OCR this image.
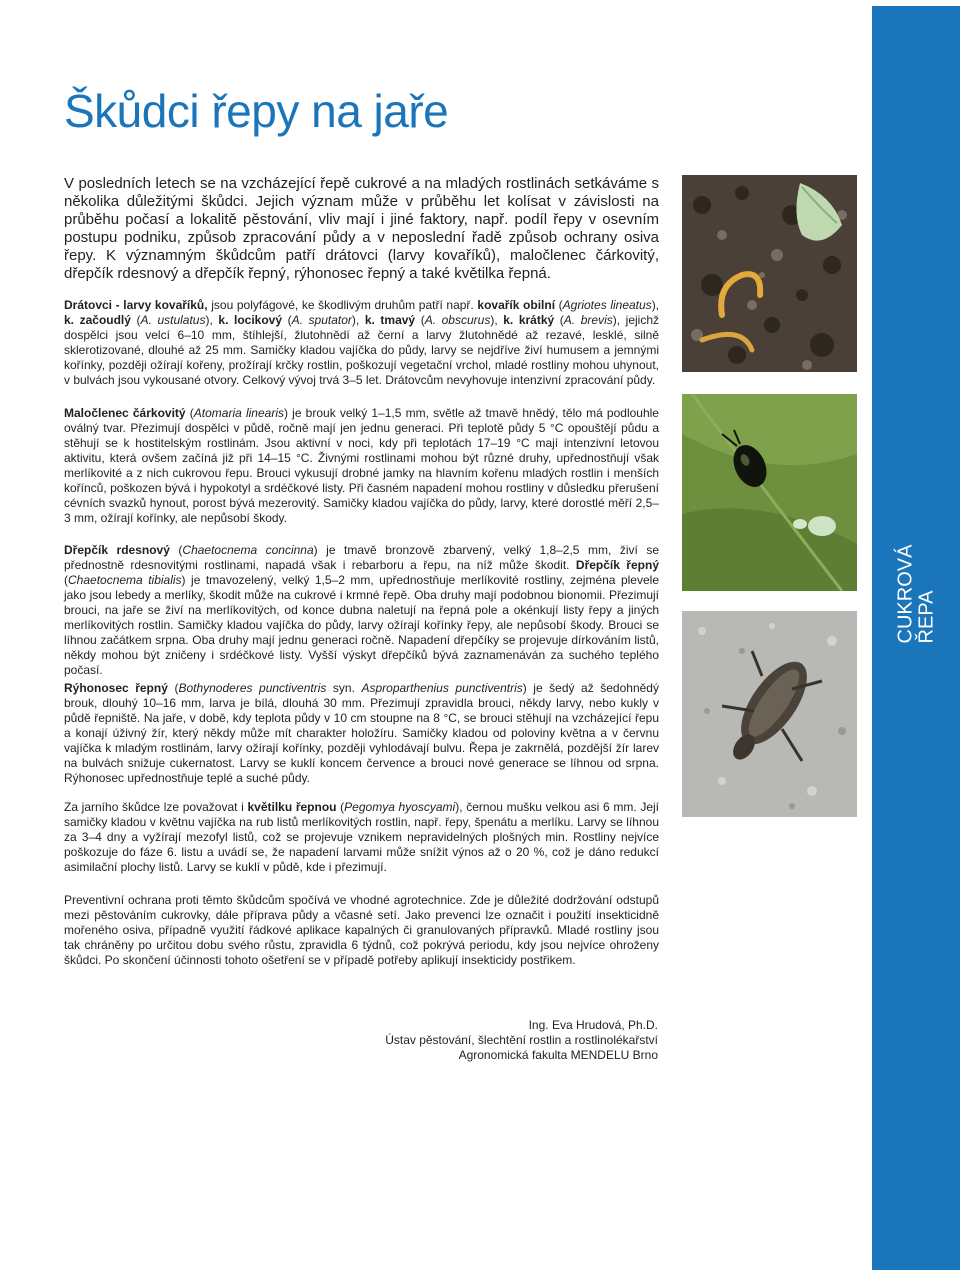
CUKROVÁ ŘEPA
syngenta. 157
Škůdci řepy na jaře

V posledních letech se na vzcházející řepě cukrové a na mladých rostlinách setkáváme s několika důležitými škůdci. Jejich význam může v průběhu let kolísat v závislosti na průběhu počasí a lokalitě pěstování, vliv mají i jiné faktory, např. podíl řepy v osevním postupu podniku, způsob zpracování půdy a v neposlední řadě způsob ochrany osiva řepy. K významným škůdcům patří drátovci (larvy kovaříků), maločlenec čárkovitý, dřepčík rdesnový a dřepčík řepný, rýhonosec řepný a také květilka řepná.

Drátovci - larvy kovaříků, jsou polyfágové, ke škodlivým druhům patří např. kovařík obilní (Agriotes lineatus), k. začoudlý (A. ustulatus), k. locikový (A. sputator), k. tmavý (A. obscurus), k. krátký (A. brevis), jejichž dospělci jsou velcí 6–10 mm, štíhlejší, žlutohnědí až černí a larvy žlutohnědé až rezavé, lesklé, silně sklerotizované, dlouhé až 25 mm. Samičky kladou vajíčka do půdy, larvy se nejdříve živí humusem a jemnými kořínky, později ožírají kořeny, prožírají krčky rostlin, poškozují vegetační vrchol, mladé rostliny mohou uhynout, v bulvách jsou vykousané otvory. Celkový vývoj trvá 3–5 let. Drátovcům nevyhovuje intenzivní zpracování půdy.

Maločlenec čárkovitý (Atomaria linearis) je brouk velký 1–1,5 mm, světle až tmavě hnědý, tělo má podlouhle oválný tvar. Přezimují dospělci v půdě, ročně mají jen jednu generaci. Při teplotě půdy 5 °C opouštějí půdu a stěhují se k hostitelským rostlinám. Jsou aktivní v noci, kdy při teplotách 17–19 °C mají intenzivní letovou aktivitu, která ovšem začíná již při 14–15 °C. Živnými rostlinami mohou být různé druhy, upřednostňují však merlíkovité a z nich cukrovou řepu. Brouci vykusují drobné jamky na hlavním kořenu mladých rostlin i menších kořínců, poškozen bývá i hypokotyl a srdéčkové listy. Při časném napadení mohou rostliny v důsledku přerušení cévních svazků hynout, porost bývá mezerovitý. Samičky kladou vajíčka do půdy, larvy, které dorostlé měří 2,5–3 mm, ožírají kořínky, ale nepůsobí škody.

Dřepčík rdesnový (Chaetocnema concinna) je tmavě bronzově zbarvený, velký 1,8–2,5 mm, živí se přednostně rdesnovitými rostlinami, napadá však i rebarboru a řepu, na níž může škodit. Dřepčík řepný (Chaetocnema tibialis) je tmavozelený, velký 1,5–2 mm, upřednostňuje merlíkovité rostliny, zejména plevele jako jsou lebedy a merlíky, škodit může na cukrové i krmné řepě. Oba druhy mají podobnou bionomii. Přezimují brouci, na jaře se živí na merlíkovitých, od konce dubna naletují na řepná pole a okénkují listy řepy a jiných merlíkovitých rostlin. Samičky kladou vajíčka do půdy, larvy ožírají kořínky řepy, ale nepůsobí škody. Brouci se líhnou začátkem srpna. Oba druhy mají jednu generaci ročně. Napadení dřepčíky se projevuje dírkováním listů, někdy mohou být zničeny i srdéčkové listy. Vyšší výskyt dřepčíků bývá zaznamenáván za suchého teplého počasí.

Rýhonosec řepný (Bothynoderes punctiventris syn. Asproparthenius punctiventris) je šedý až šedohnědý brouk, dlouhý 10–16 mm, larva je bílá, dlouhá 30 mm. Přezimují zpravidla brouci, někdy larvy, nebo kukly v půdě řepniště. Na jaře, v době, kdy teplota půdy v 10 cm stoupne na 8 °C, se brouci stěhují na vzcházející řepu a konají úživný žír, který někdy může mít charakter holožíru. Samičky kladou od poloviny května a v červnu vajíčka k mladým rostlinám, larvy ožírají kořínky, později vyhlodávají bulvu. Řepa je zakrnělá, pozdější žír larev na bulvách snižuje cukernatost. Larvy se kuklí koncem července a brouci nové generace se líhnou od srpna. Rýhonosec upřednostňuje teplé a suché půdy.

Za jarního škůdce lze považovat i květilku řepnou (Pegomya hyoscyami), černou mušku velkou asi 6 mm. Její samičky kladou v květnu vajíčka na rub listů merlíkovitých rostlin, např. řepy, špenátu a merlíku. Larvy se líhnou za 3–4 dny a vyžírají mezofyl listů, což se projevuje vznikem nepravidelných plošných min. Rostliny nejvíce poškozuje do fáze 6. listu a uvádí se, že napadení larvami může snížit výnos až o 20 %, což je dáno redukcí asimilační plochy listů. Larvy se kuklí v půdě, kde i přezimují.

Preventivní ochrana proti těmto škůdcům spočívá ve vhodné agrotechnice. Zde je důležité dodržování odstupů mezi pěstováním cukrovky, dále příprava půdy a včasné setí. Jako prevenci lze označit i použití insekticidně mořeného osiva, případně využití řádkové aplikace kapalných či granulovaných přípravků. Mladé rostliny jsou tak chráněny po určitou dobu svého růstu, zpravidla 6 týdnů, což pokrývá periodu, kdy jsou nejvíce ohroženy škůdci. Po skončení účinnosti tohoto ošetření se v případě potřeby aplikují insekticidy postřikem.

Ing. Eva Hrudová, Ph.D.
Ústav pěstování, šlechtění rostlin a rostlinolékařství
Agronomická fakulta MENDELU Brno
